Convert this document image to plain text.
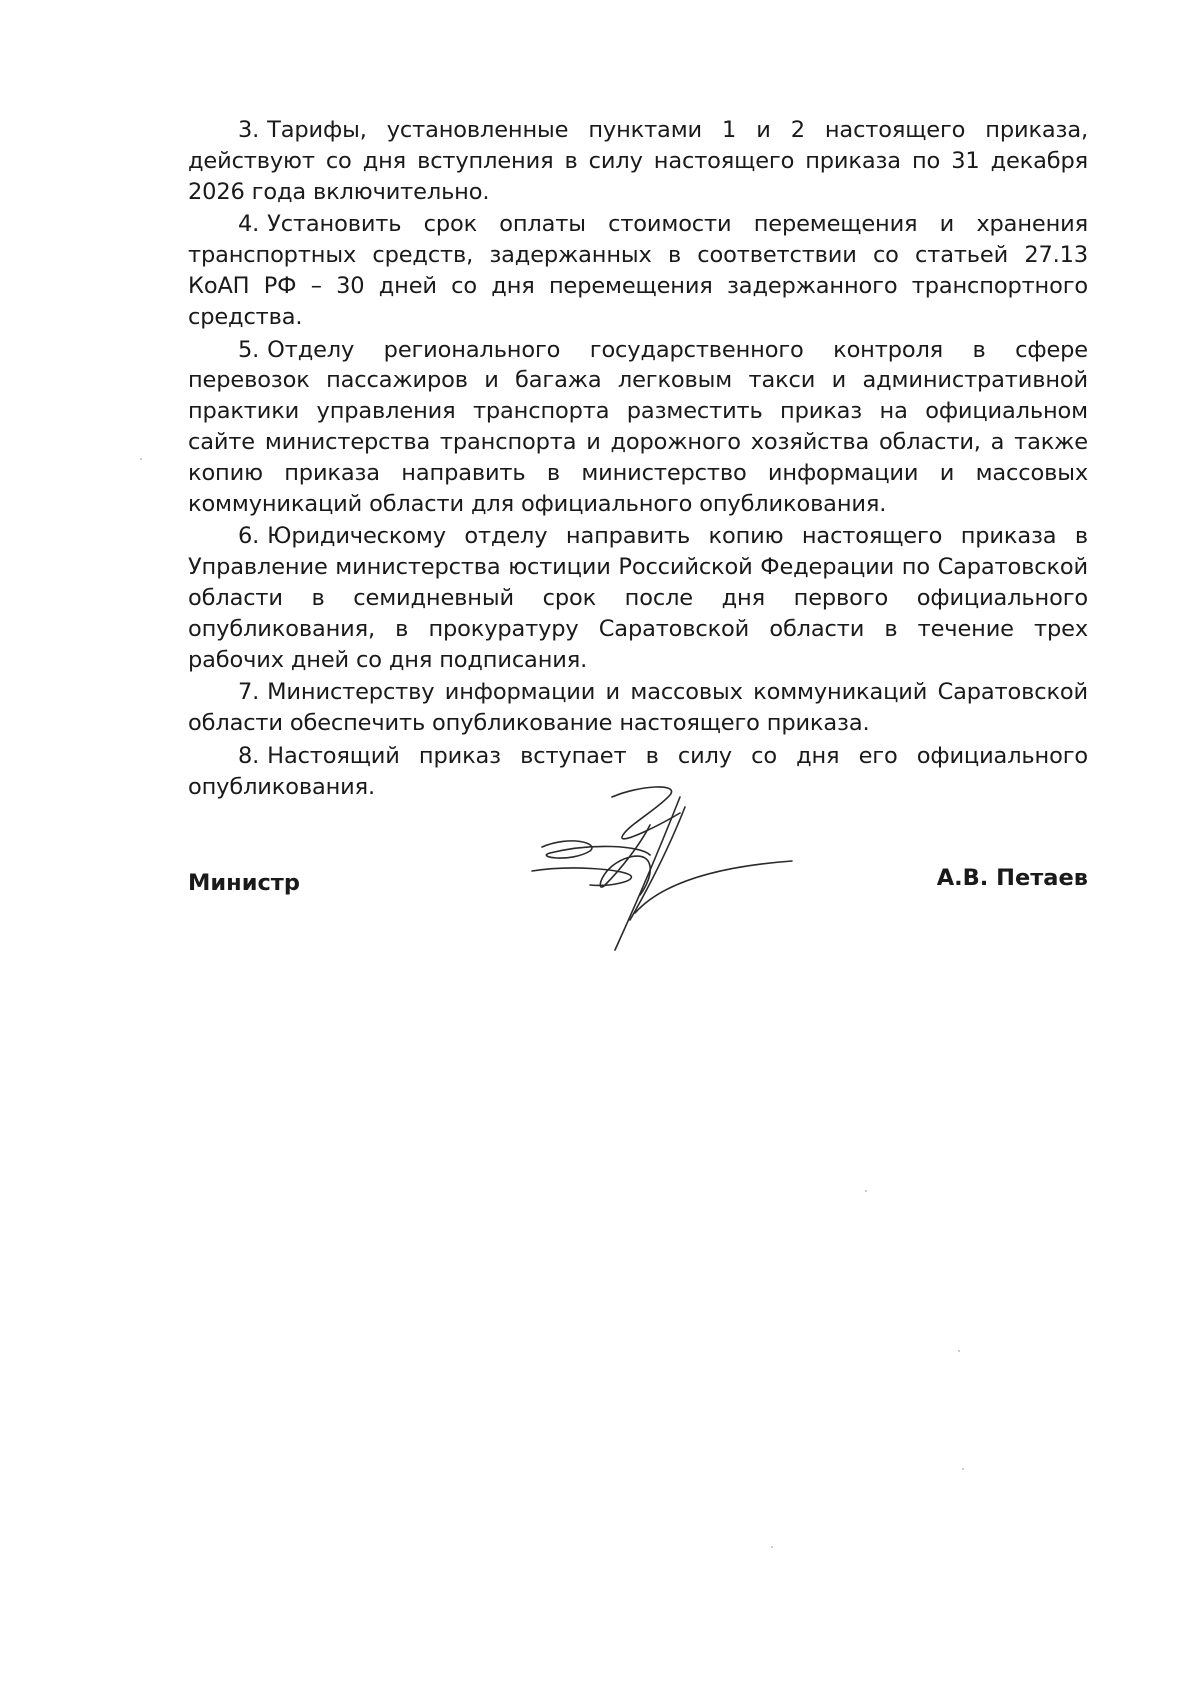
3. Тарифы, установленные пунктами 1 и 2 настоящего приказа, действуют со дня вступления в силу настоящего приказа по 31 декабря 2026 года включительно.

4. Установить срок оплаты стоимости перемещения и хранения транспортных средств, задержанных в соответствии со статьей 27.13 КоАП РФ – 30 дней со дня перемещения задержанного транспортного средства.

5. Отделу регионального государственного контроля в сфере перевозок пассажиров и багажа легковым такси и административной практики управления транспорта разместить приказ на официальном сайте министерства транспорта и дорожного хозяйства области, а также копию приказа направить в министерство информации и массовых коммуникаций области для официального опубликования.

6. Юридическому отделу направить копию настоящего приказа в Управление министерства юстиции Российской Федерации по Саратовской области в семидневный срок после дня первого официального опубликования, в прокуратуру Саратовской области в течение трех рабочих дней со дня подписания.

7. Министерству информации и массовых коммуникаций Саратовской области обеспечить опубликование настоящего приказа.

8. Настоящий приказ вступает в силу со дня его официального опубликования.

Министр	А.В. Петаев
